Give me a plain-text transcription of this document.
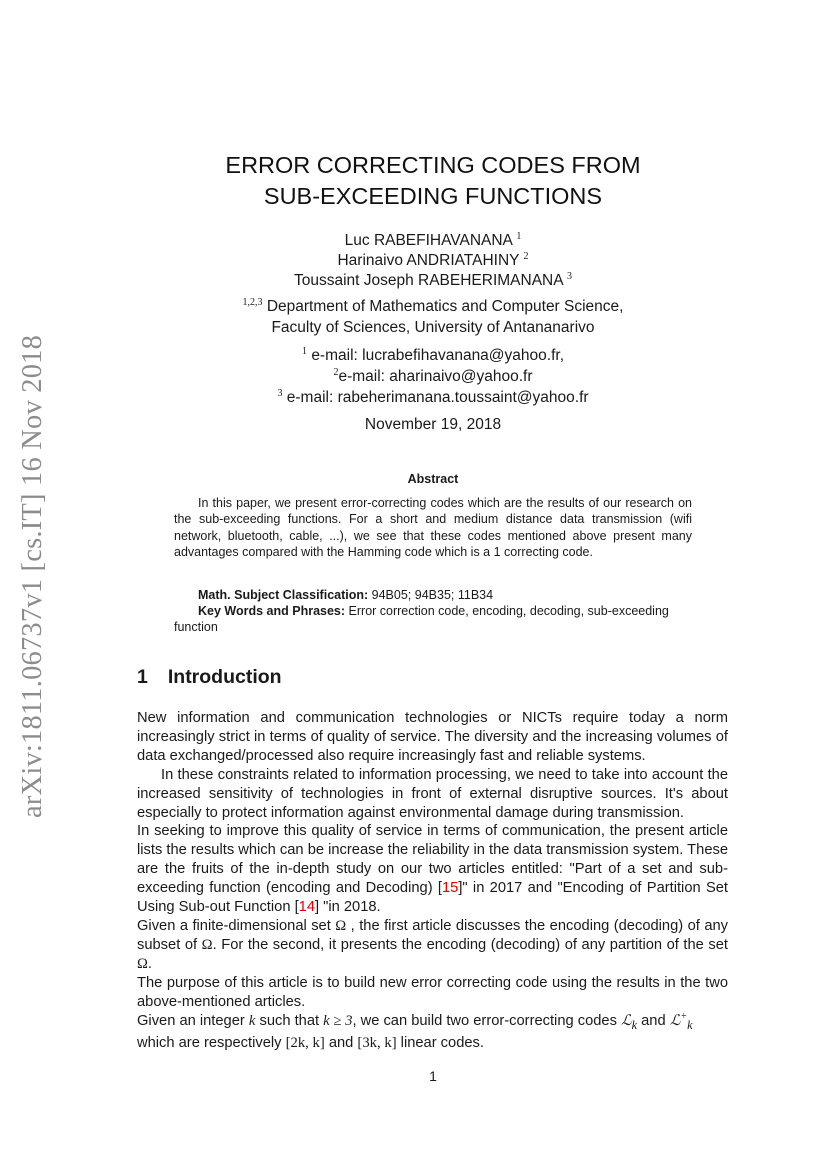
arXiv:1811.06737v1 [cs.IT] 16 Nov 2018
ERROR CORRECTING CODES FROM
SUB-EXCEEDING FUNCTIONS
Luc RABEFIHAVANANA $^1$
Harinaivo ANDRIATAHINY $^2$
Toussaint Joseph RABEHERIMANANA $^3$
$^{1,2,3}$ Department of Mathematics and Computer Science,
Faculty of Sciences, University of Antananarivo
$^1$ e-mail: lucrabefihavanana@yahoo.fr,
$^2$e-mail: aharinaivo@yahoo.fr
$^3$ e-mail: rabeherimanana.toussaint@yahoo.fr
November 19, 2018
Abstract
In this paper, we present error-correcting codes which are the results of our research on the sub-exceeding functions. For a short and medium distance data transmission (wifi network, bluetooth, cable, ...), we see that these codes mentioned above present many advantages compared with the Hamming code which is a 1 correcting code.
Math. Subject Classification: 94B05; 94B35; 11B34
Key Words and Phrases: Error correction code, encoding, decoding, sub-exceeding function
1 Introduction

New information and communication technologies or NICTs require today a norm increasingly strict in terms of quality of service. The diversity and the increasing volumes of data exchanged/processed also require increasingly fast and reliable systems.

In these constraints related to information processing, we need to take into account the increased sensitivity of technologies in front of external disruptive sources. It's about especially to protect information against environmental damage during transmission.

In seeking to improve this quality of service in terms of communication, the present article lists the results which can be increase the reliability in the data transmission system. These are the fruits of the in-depth study on our two articles entitled: "Part of a set and sub-exceeding function (encoding and Decoding) [15]" in 2017 and "Encoding of Partition Set Using Sub-out Function [14] "in 2018.

Given a finite-dimensional set Ω , the first article discusses the encoding (decoding) of any subset of Ω. For the second, it presents the encoding (decoding) of any partition of the set Ω.

The purpose of this article is to build new error correcting code using the results in the two above-mentioned articles.

Given an integer k such that k ≥ 3, we can build two error-correcting codes ℒ$_k$ and ℒ+$_k$
which are respectively [2k, k] and [3k, k] linear codes.

1
